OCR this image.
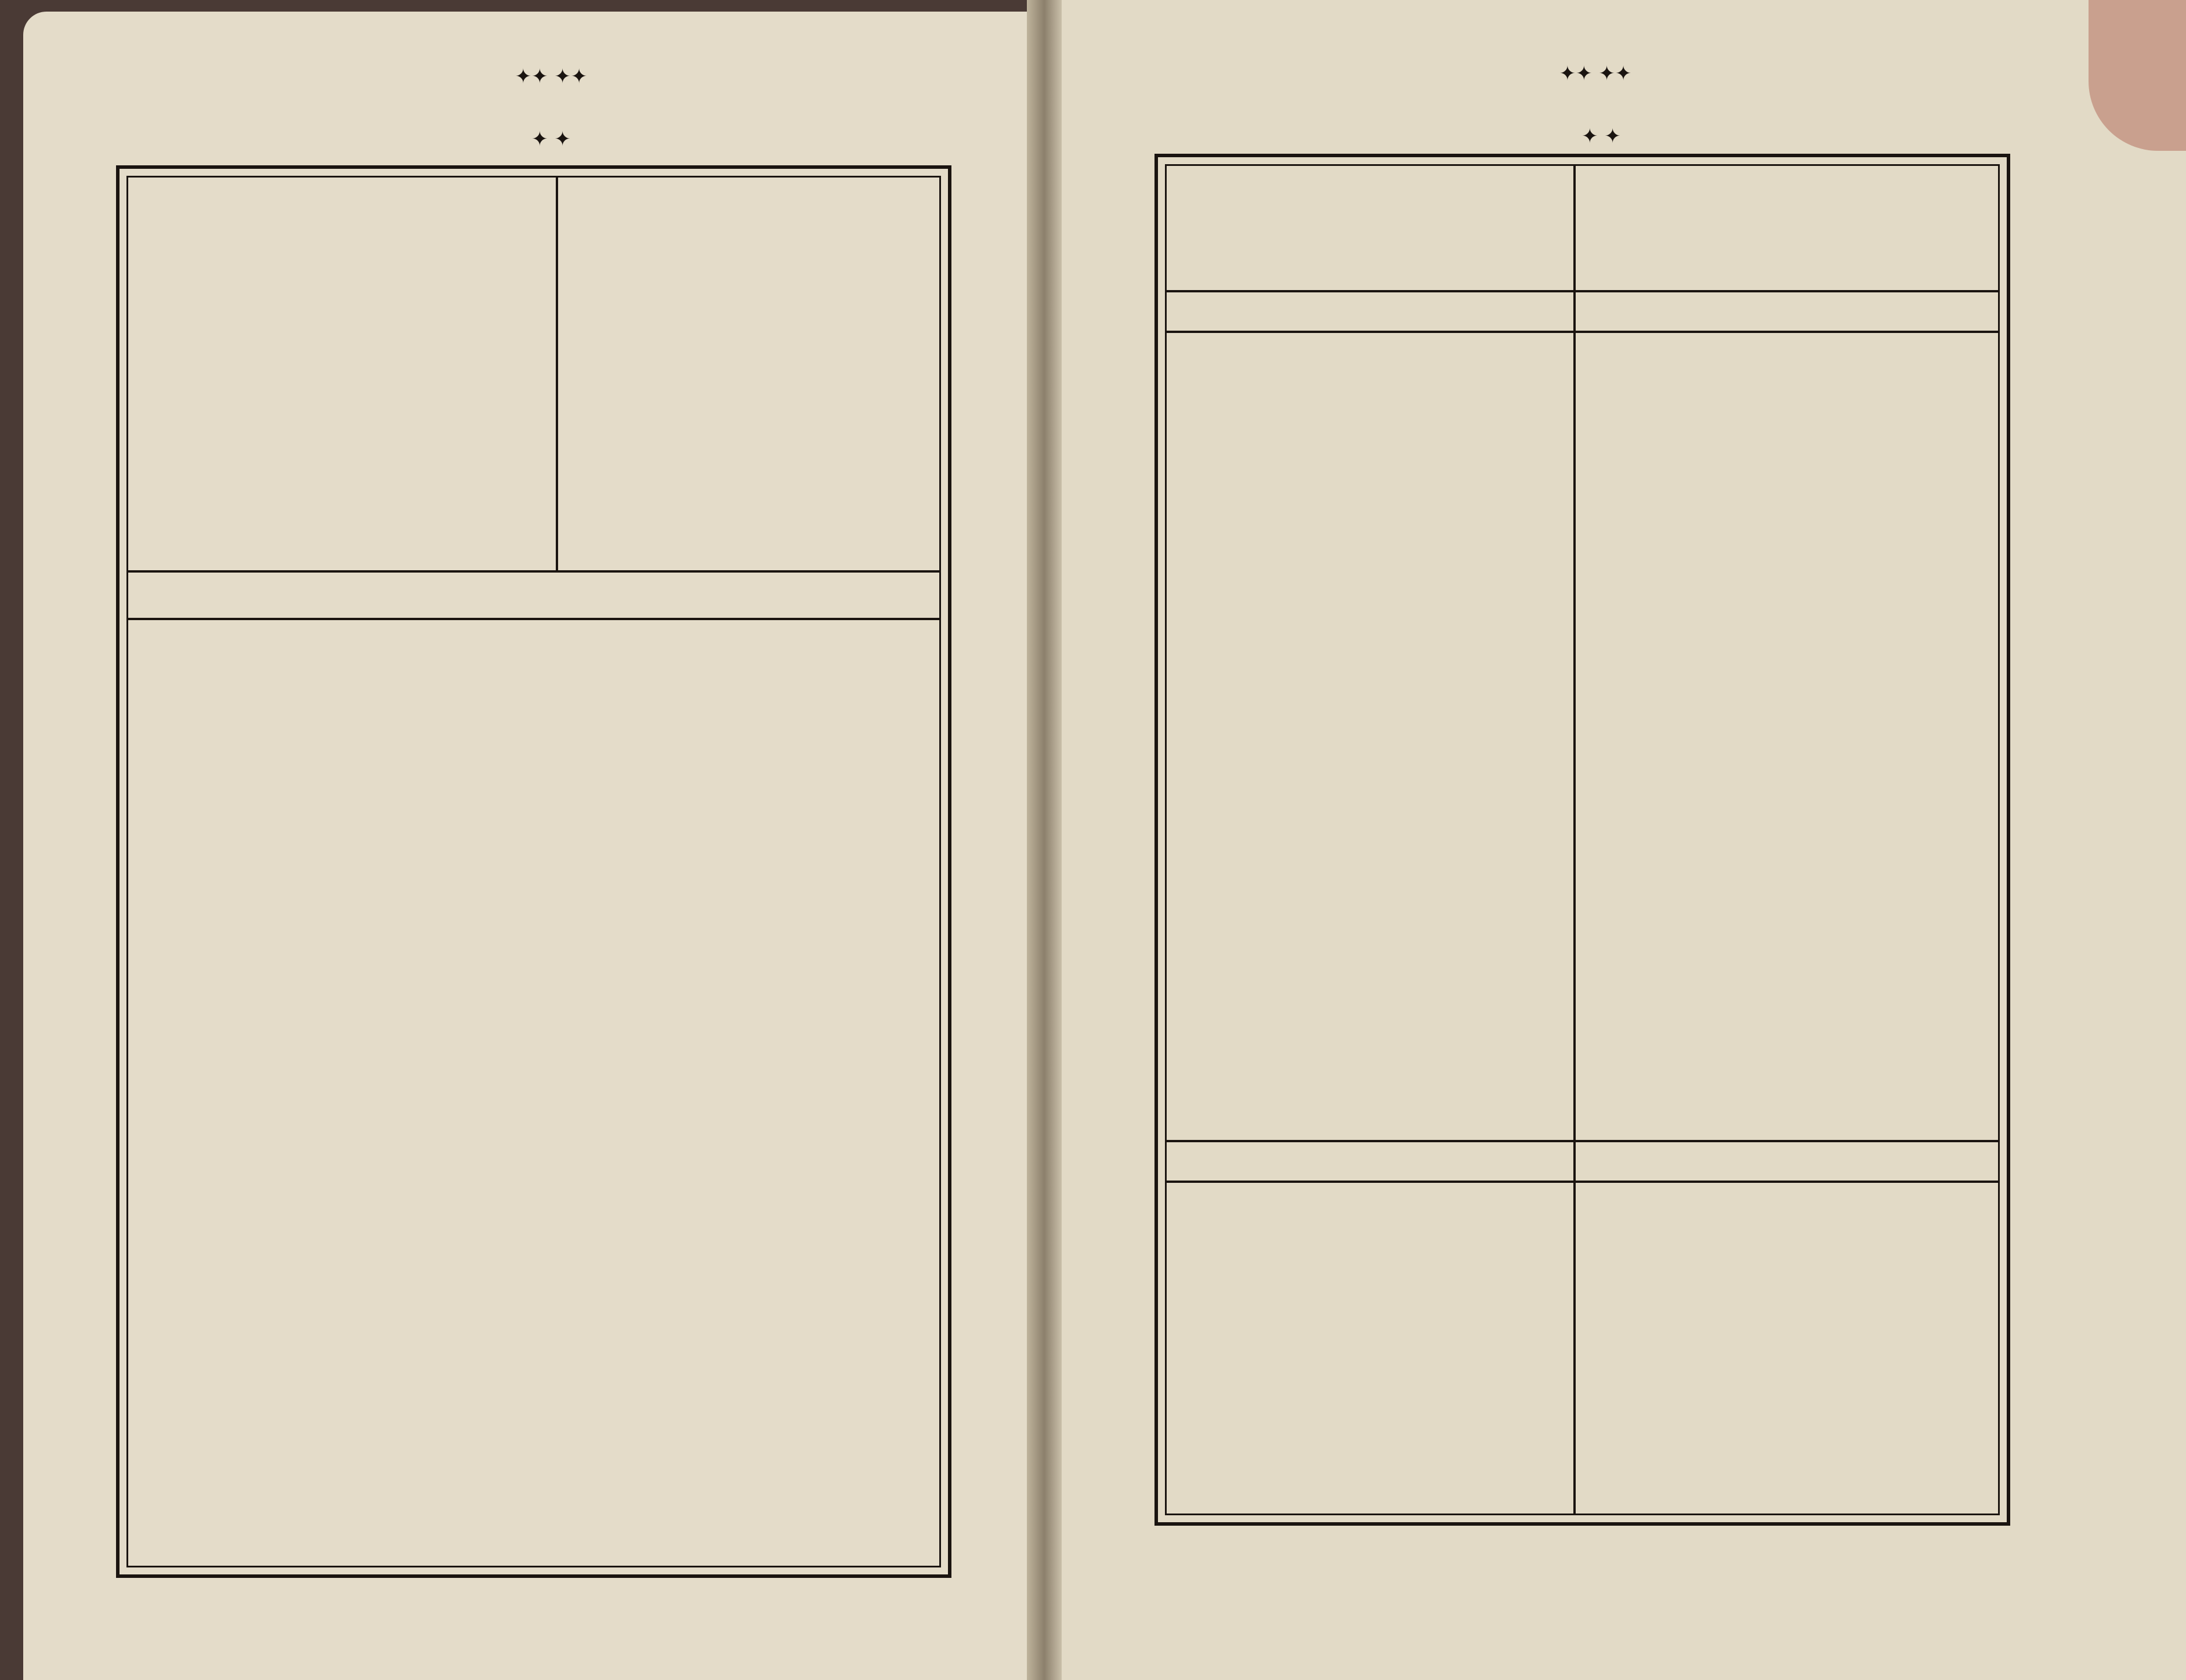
✦✦ ✦✦
✦ ✦
✦✦ ✦✦
✦ ✦
